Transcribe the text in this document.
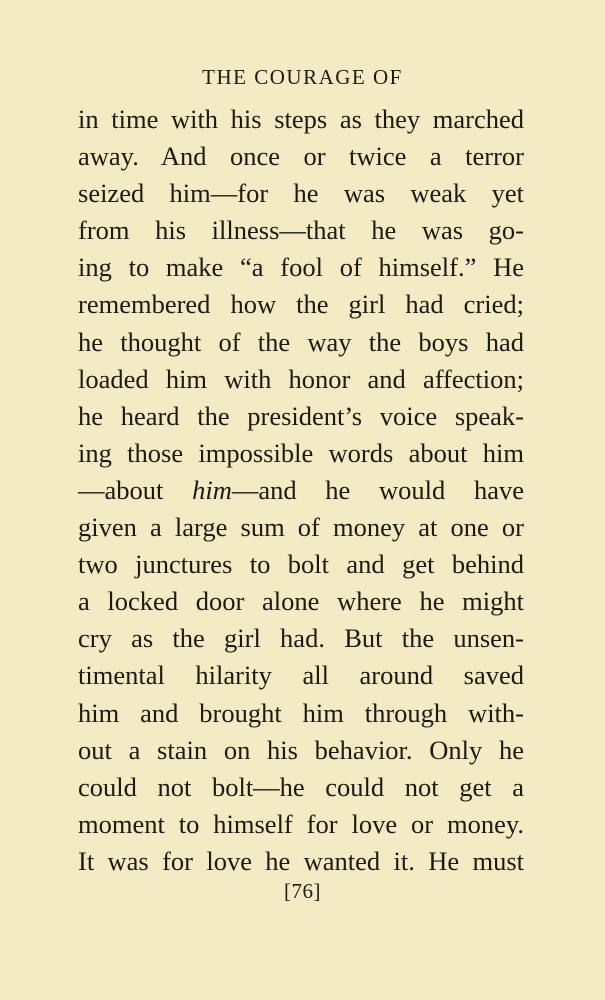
THE COURAGE OF
in time with his steps as they marched
away. And once or twice a terror
seized him—for he was weak yet
from his illness—that he was go-
ing to make “a fool of himself.” He
remembered how the girl had cried;
he thought of the way the boys had
loaded him with honor and affection;
he heard the president’s voice speak-
ing those impossible words about him
—about him—and he would have
given a large sum of money at one or
two junctures to bolt and get behind
a locked door alone where he might
cry as the girl had. But the unsen-
timental hilarity all around saved
him and brought him through with-
out a stain on his behavior. Only he
could not bolt—he could not get a
moment to himself for love or money.
It was for love he wanted it. He must
[76]
